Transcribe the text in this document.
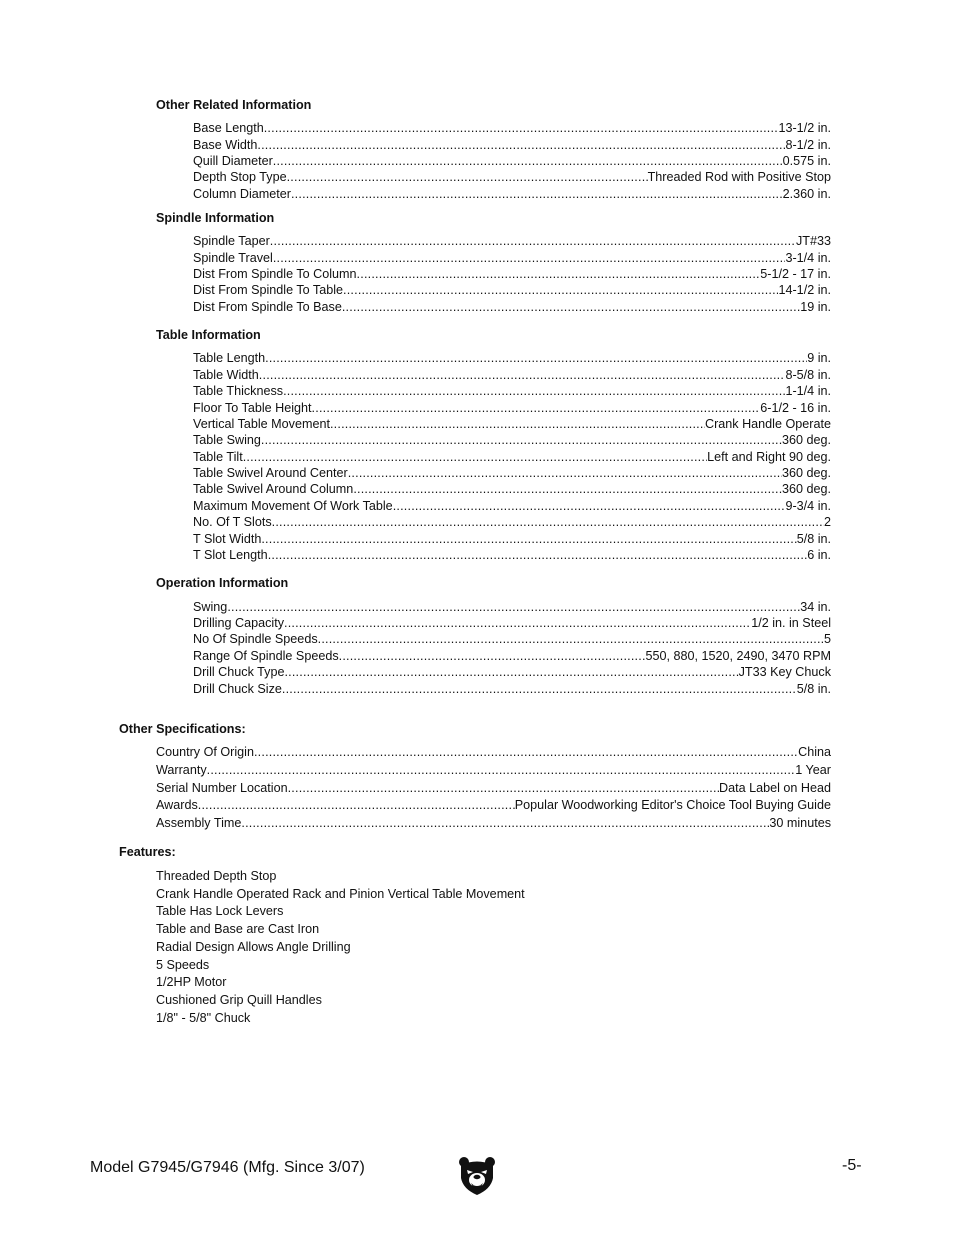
Other Related Information
Base Length .....	13-1/2 in.
Base Width .....	8-1/2 in.
Quill Diameter .....	0.575 in.
Depth Stop Type .....	Threaded Rod with Positive Stop
Column Diameter .....	2.360 in.
Spindle Information
Spindle Taper .....	JT#33
Spindle Travel .....	3-1/4 in.
Dist From Spindle To Column .....	5-1/2 - 17 in.
Dist From Spindle To Table .....	14-1/2 in.
Dist From Spindle To Base .....	19 in.
Table Information
Table Length .....	9 in.
Table Width .....	8-5/8 in.
Table Thickness .....	1-1/4 in.
Floor To Table Height .....	6-1/2 - 16 in.
Vertical Table Movement .....	Crank Handle Operate
Table Swing .....	360 deg.
Table Tilt .....	Left and Right 90 deg.
Table Swivel Around Center .....	360 deg.
Table Swivel Around Column .....	360 deg.
Maximum Movement Of Work Table .....	9-3/4 in.
No. Of T Slots .....	2
T Slot Width .....	5/8 in.
T Slot Length .....	6 in.
Operation Information
Swing .....	34 in.
Drilling Capacity .....	1/2 in. in Steel
No Of Spindle Speeds .....	5
Range Of Spindle Speeds .....	550, 880, 1520, 2490, 3470 RPM
Drill Chuck Type .....	JT33 Key Chuck
Drill Chuck Size .....	5/8 in.
Other Specifications:
Country Of Origin .....	China
Warranty .....	1 Year
Serial Number Location .....	Data Label on Head
Awards .....	Popular Woodworking Editor's Choice Tool Buying Guide
Assembly Time .....	30 minutes
Features:
Threaded Depth Stop
Crank Handle Operated Rack and Pinion Vertical Table Movement
Table Has Lock Levers
Table and Base are Cast Iron
Radial Design Allows Angle Drilling
5 Speeds
1/2HP Motor
Cushioned Grip Quill Handles
1/8" - 5/8" Chuck
Model G7945/G7946 (Mfg. Since 3/07)	-5-
